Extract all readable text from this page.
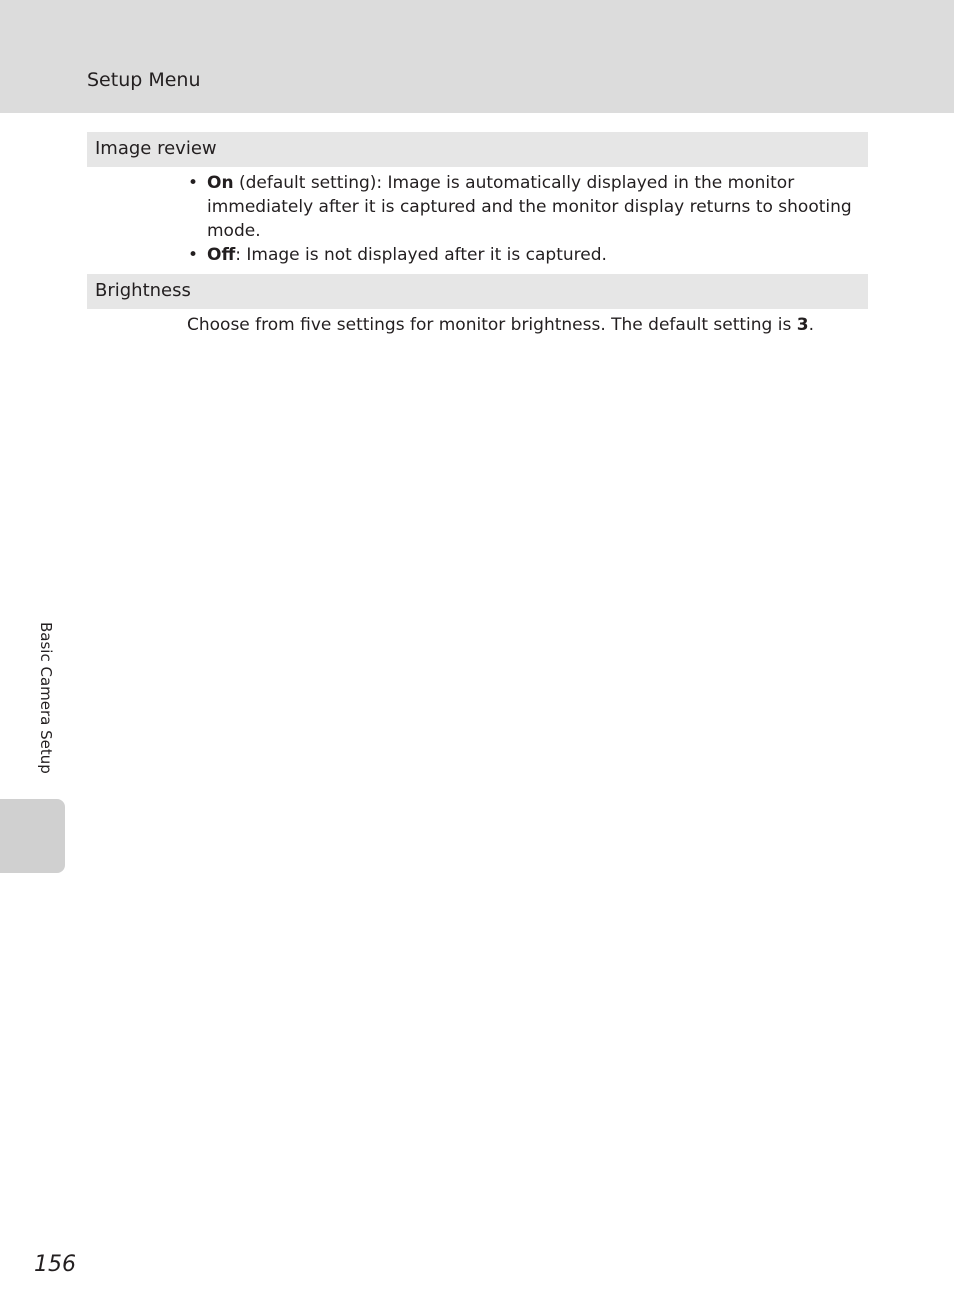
Setup Menu
Image review
• On (default setting): Image is automatically displayed in the monitor immediately after it is captured and the monitor display returns to shooting mode.
• Off: Image is not displayed after it is captured.
Brightness
Choose from five settings for monitor brightness. The default setting is 3.
Basic Camera Setup
156
